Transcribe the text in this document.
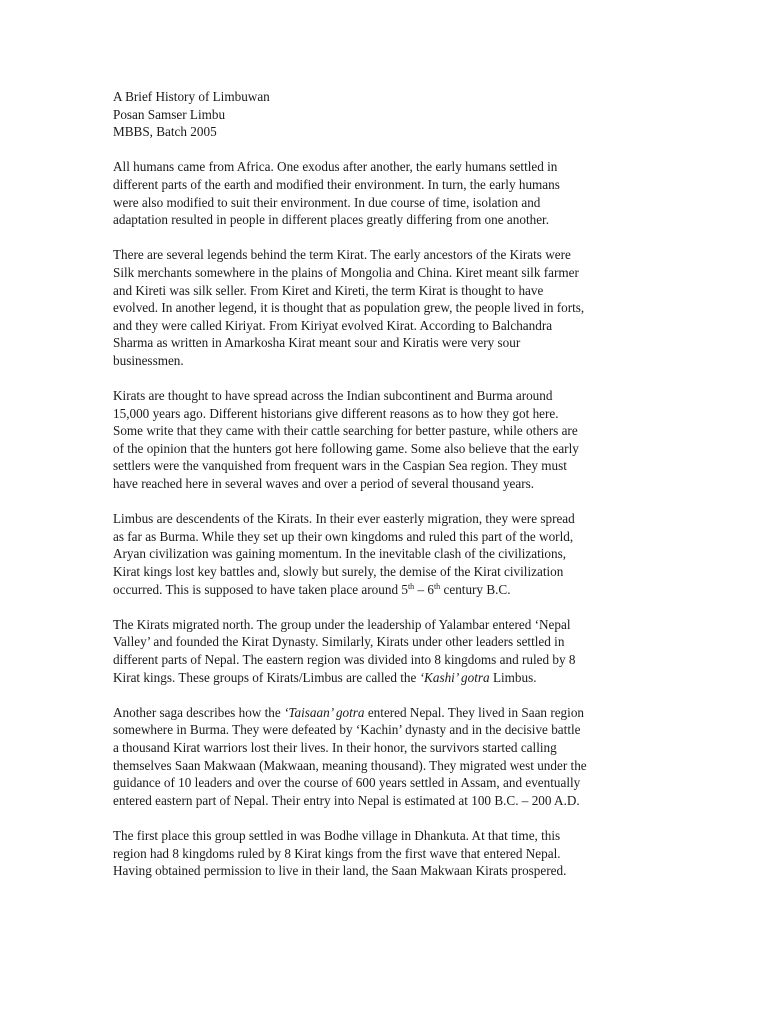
A Brief History of Limbuwan
Posan Samser Limbu
MBBS, Batch 2005

All humans came from Africa. One exodus after another, the early humans settled in
different parts of the earth and modified their environment. In turn, the early humans
were also modified to suit their environment. In due course of time, isolation and
adaptation resulted in people in different places greatly differing from one another.

There are several legends behind the term Kirat. The early ancestors of the Kirats were
Silk merchants somewhere in the plains of Mongolia and China. Kiret meant silk farmer
and Kireti was silk seller. From Kiret and Kireti, the term Kirat is thought to have
evolved. In another legend, it is thought that as population grew, the people lived in forts,
and they were called Kiriyat. From Kiriyat evolved Kirat. According to Balchandra
Sharma as written in Amarkosha Kirat meant sour and Kiratis were very sour
businessmen.

Kirats are thought to have spread across the Indian subcontinent and Burma around
15,000 years ago. Different historians give different reasons as to how they got here.
Some write that they came with their cattle searching for better pasture, while others are
of the opinion that the hunters got here following game. Some also believe that the early
settlers were the vanquished from frequent wars in the Caspian Sea region. They must
have reached here in several waves and over a period of several thousand years.

Limbus are descendents of the Kirats. In their ever easterly migration, they were spread
as far as Burma. While they set up their own kingdoms and ruled this part of the world,
Aryan civilization was gaining momentum. In the inevitable clash of the civilizations,
Kirat kings lost key battles and, slowly but surely, the demise of the Kirat civilization
occurred. This is supposed to have taken place around 5th – 6th century B.C.

The Kirats migrated north. The group under the leadership of Yalambar entered ‘Nepal
Valley’ and founded the Kirat Dynasty. Similarly, Kirats under other leaders settled in
different parts of Nepal. The eastern region was divided into 8 kingdoms and ruled by 8
Kirat kings. These groups of Kirats/Limbus are called the ‘Kashi’ gotra Limbus.

Another saga describes how the ‘Taisaan’ gotra entered Nepal. They lived in Saan region
somewhere in Burma. They were defeated by ‘Kachin’ dynasty and in the decisive battle
a thousand Kirat warriors lost their lives. In their honor, the survivors started calling
themselves Saan Makwaan (Makwaan, meaning thousand). They migrated west under the
guidance of 10 leaders and over the course of 600 years settled in Assam, and eventually
entered eastern part of Nepal. Their entry into Nepal is estimated at 100 B.C. – 200 A.D.

The first place this group settled in was Bodhe village in Dhankuta. At that time, this
region had 8 kingdoms ruled by 8 Kirat kings from the first wave that entered Nepal.
Having obtained permission to live in their land, the Saan Makwaan Kirats prospered.
